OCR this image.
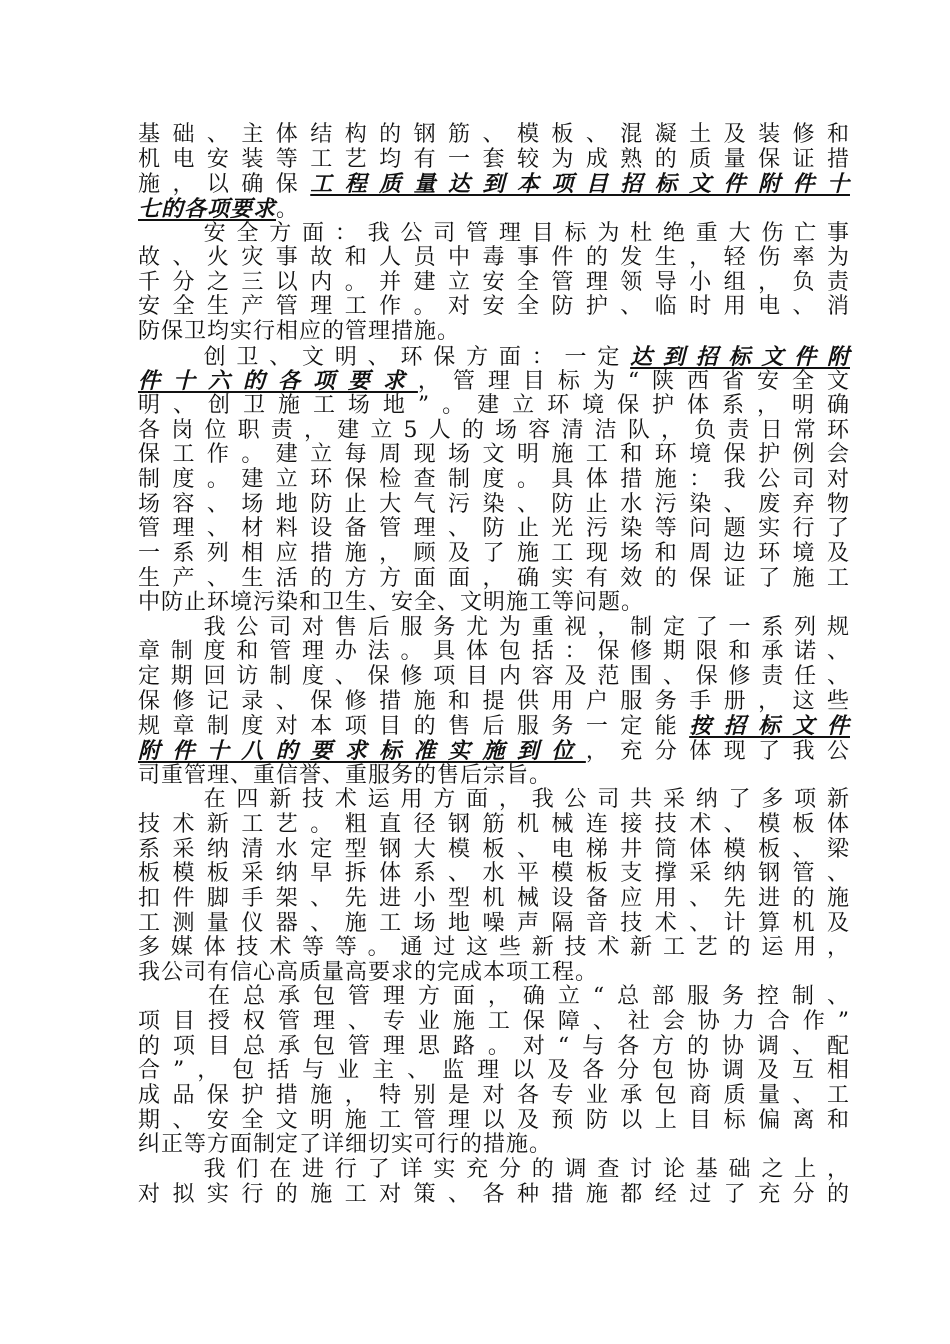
基础、主体结构的钢筋、模板、混凝土及装修和
机电安装等工艺均有一套较为成熟的质量保证措
施，以确保工程质量达到本项目招标文件附件十
七的各项要求。
　　安全方面：我公司管理目标为杜绝重大伤亡事
故、火灾事故和人员中毒事件的发生，轻伤率为
千分之三以内。并建立安全管理领导小组，负责
安全生产管理工作。对安全防护、临时用电、消
防保卫均实行相应的管理措施。
　　创卫、文明、环保方面：一定达到招标文件附
件十六的各项要求，管理目标为“陕西省安全文
明、创卫施工场地”。建立环境保护体系，明确
各岗位职责，建立5人的场容清洁队，负责日常环
保工作。建立每周现场文明施工和环境保护例会
制度。建立环保检查制度。具体措施：我公司对
场容、场地防止大气污染、防止水污染、废弃物
管理、材料设备管理、防止光污染等问题实行了
一系列相应措施，顾及了施工现场和周边环境及
生产、生活的方方面面，确实有效的保证了施工
中防止环境污染和卫生、安全、文明施工等问题。
　　我公司对售后服务尤为重视，制定了一系列规
章制度和管理办法。具体包括：保修期限和承诺、
定期回访制度、保修项目内容及范围、保修责任、
保修记录、保修措施和提供用户服务手册，这些
规章制度对本项目的售后服务一定能按招标文件
附件十八的要求标准实施到位，充分体现了我公
司重管理、重信誉、重服务的售后宗旨。
　　在四新技术运用方面，我公司共采纳了多项新
技术新工艺。粗直径钢筋机械连接技术、模板体
系采纳清水定型钢大模板、电梯井筒体模板、梁
板模板采纳早拆体系、水平模板支撑采纳钢管、
扣件脚手架、先进小型机械设备应用、先进的施
工测量仪器、施工场地噪声隔音技术、计算机及
多媒体技术等等。通过这些新技术新工艺的运用，
我公司有信心高质量高要求的完成本项工程。
　　在总承包管理方面，确立“总部服务控制、
项目授权管理、专业施工保障、社会协力合作”
的项目总承包管理思路。对“与各方的协调、配
合”，包括与业主、监理以及各分包协调及互相
成品保护措施，特别是对各专业承包商质量、工
期、安全文明施工管理以及预防以上目标偏离和
纠正等方面制定了详细切实可行的措施。
　　我们在进行了详实充分的调查讨论基础之上，
对拟实行的施工对策、各种措施都经过了充分的
